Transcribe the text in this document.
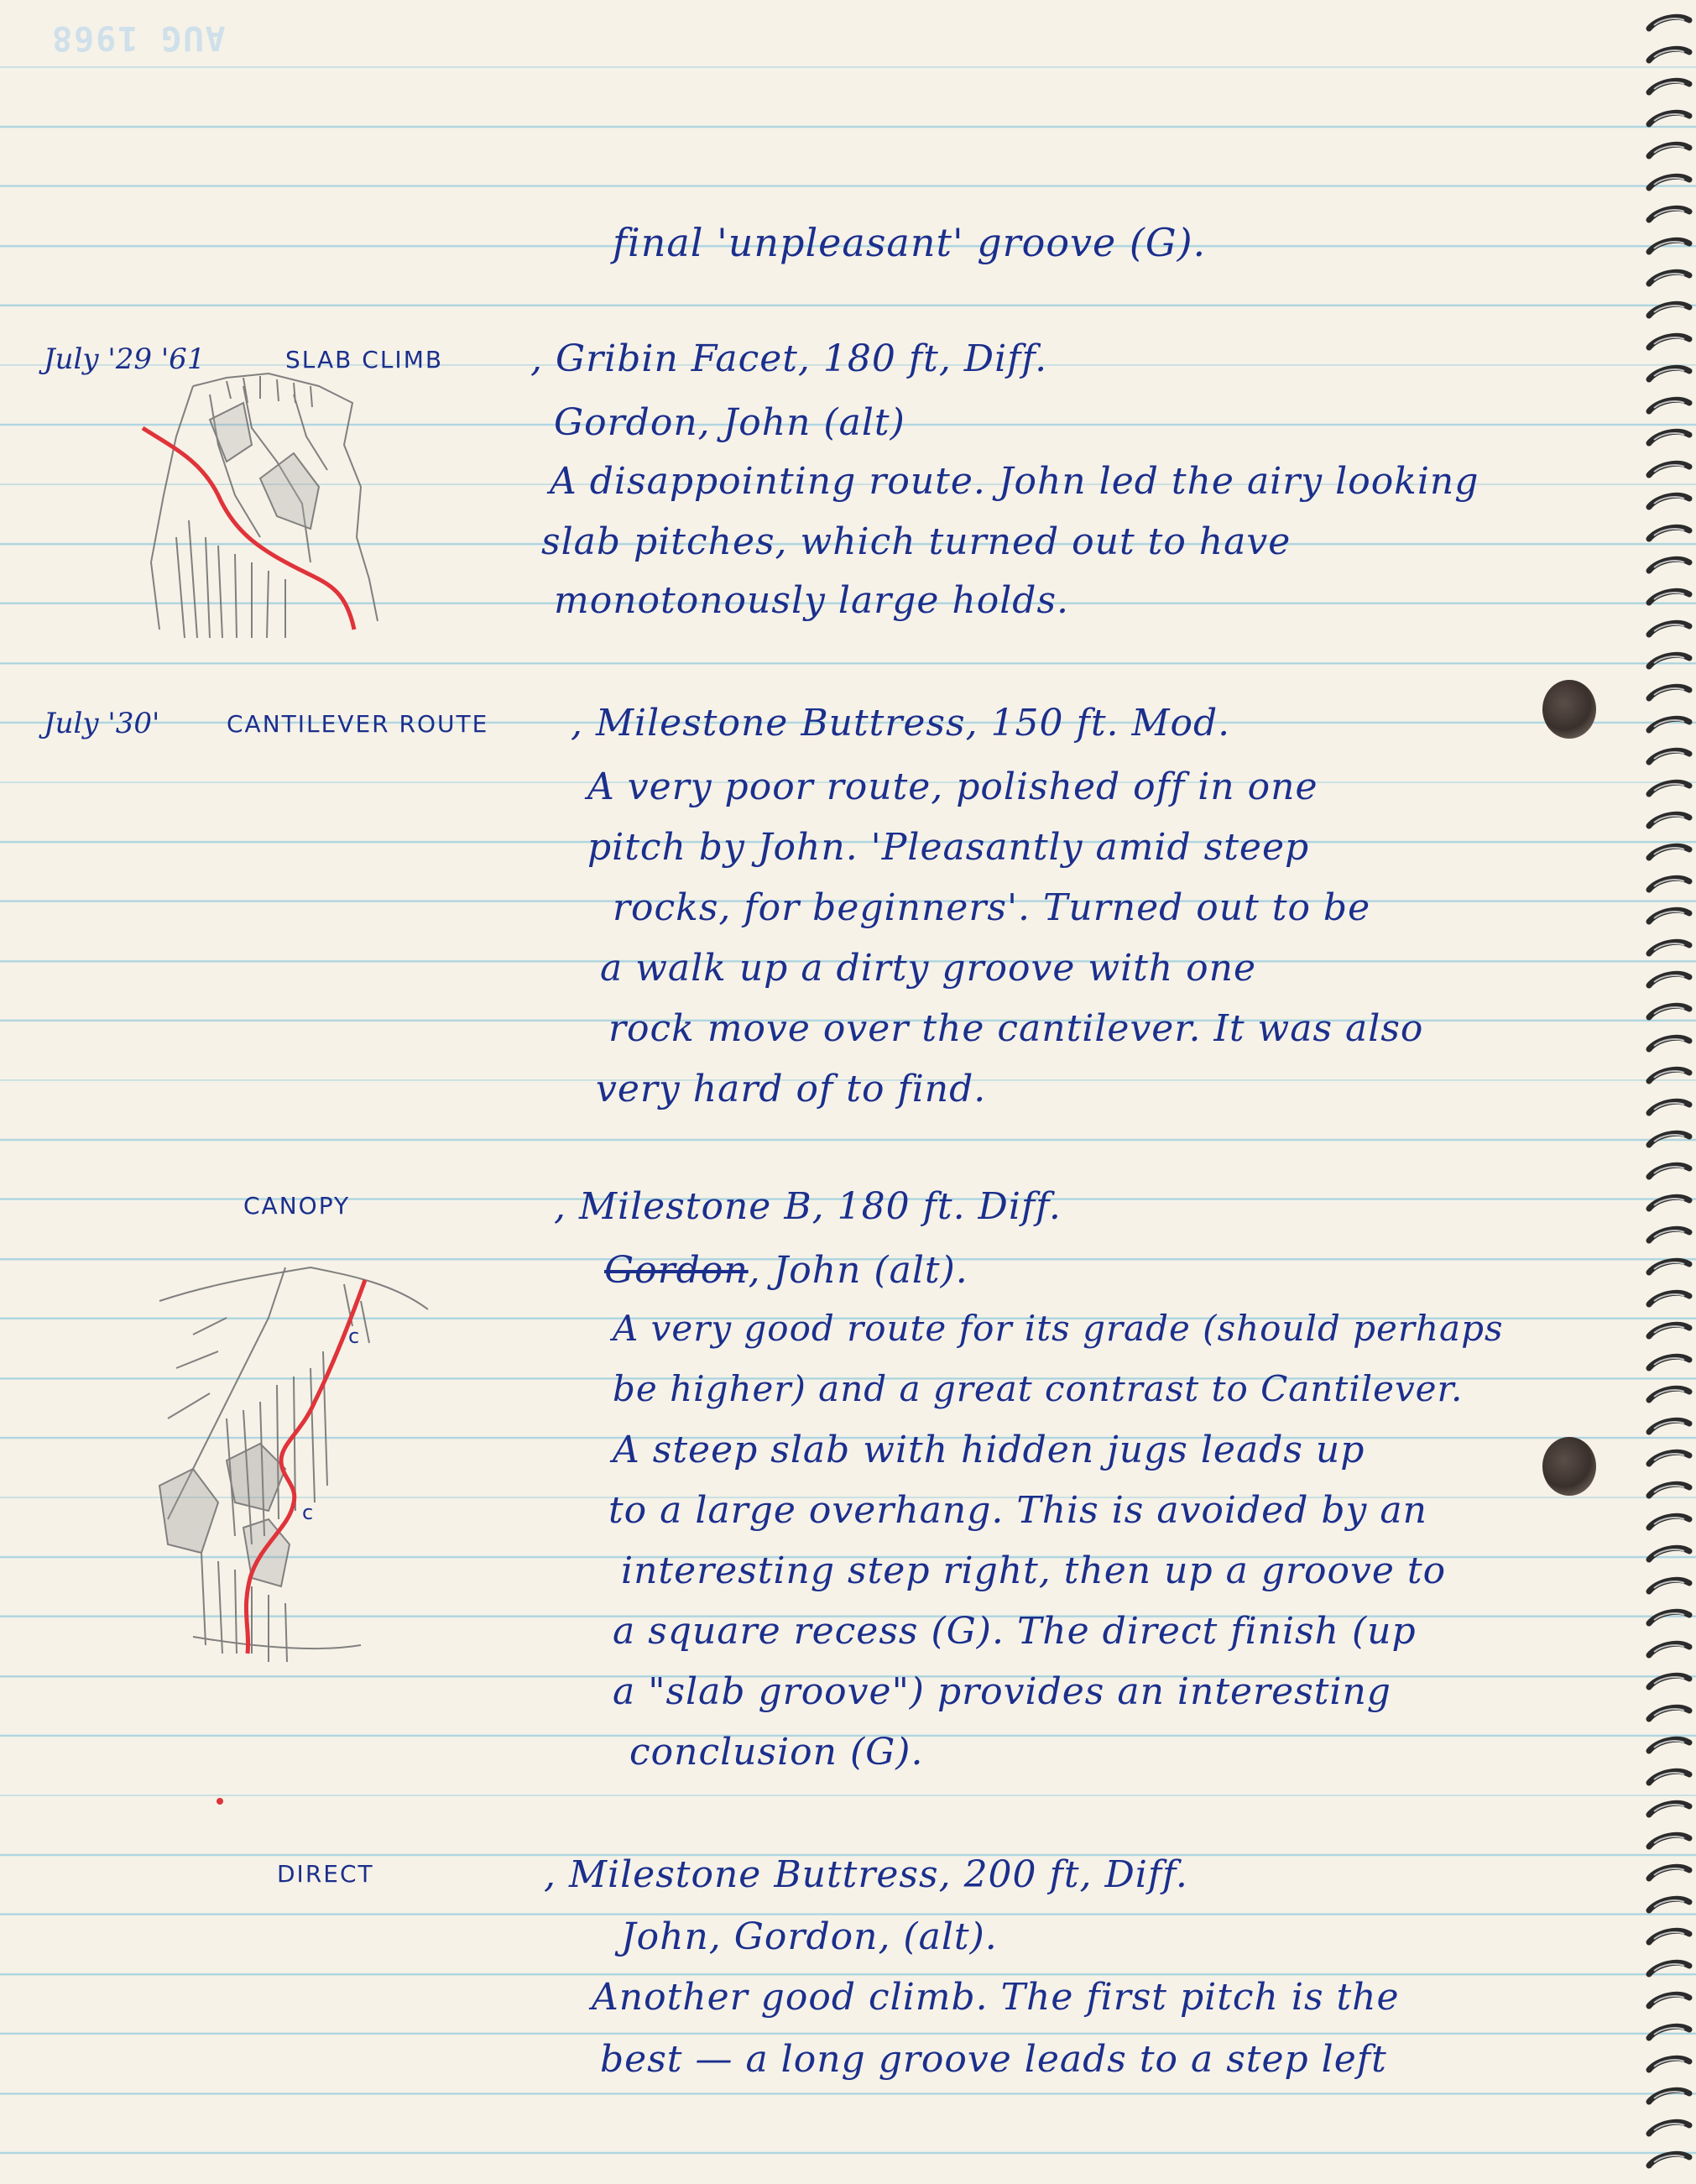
AUG 1968
final 'unpleasant' groove (G).
July '29 '61	SLAB CLIMB , Gribin Facet, 180 ft, Diff.
Gordon, John (alt)
A disappointing route. John led the airy looking
slab pitches, which turned out to have
monotonously large holds.
July '30'	CANTILEVER ROUTE , Milestone Buttress, 150 ft. Mod.
A very poor route, polished off in one
pitch by John. 'Pleasantly amid steep
rocks, for beginners'. Turned out to be
a walk up a dirty groove with one
rock move over the cantilever. It was also
very hard of to find.
CANOPY	, Milestone B, 180 ft. Diff.
Gordon, John (alt).
A very good route for its grade (should perhaps
be higher) and a great contrast to Cantilever.
A steep slab with hidden jugs leads up
to a large overhang. This is avoided by an
interesting step right, then up a groove to
a square recess (G). The direct finish (up
a "slab groove") provides an interesting
conclusion (G).
c
c
DIRECT	, Milestone Buttress, 200 ft, Diff.
John, Gordon, (alt).
Another good climb. The first pitch is the
best — a long groove leads to a step left
